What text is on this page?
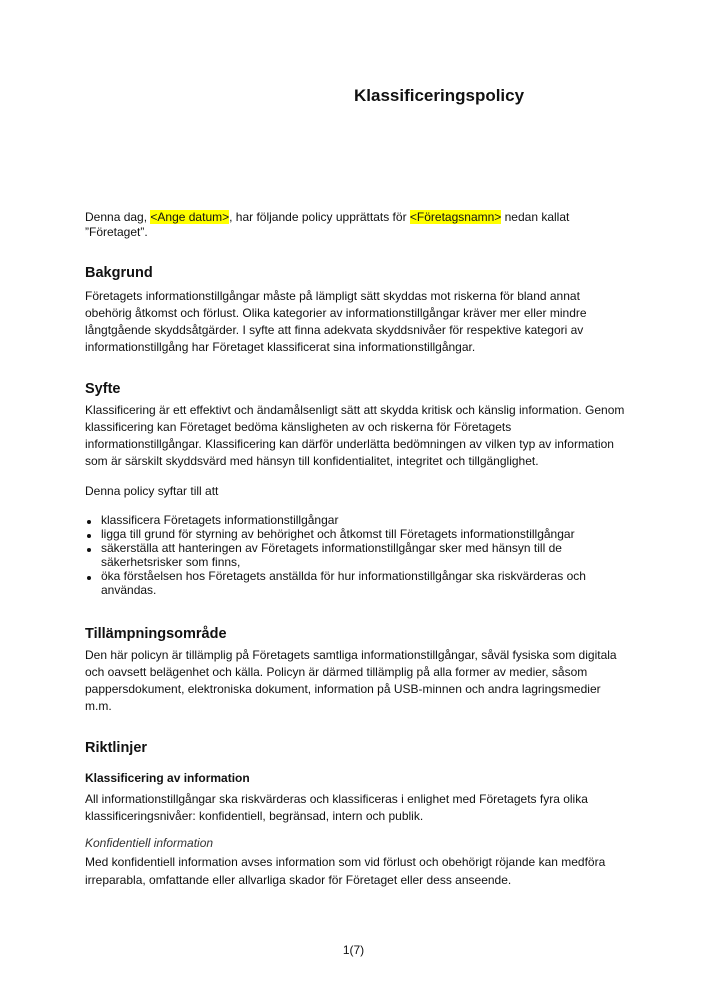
Klassificeringspolicy
Denna dag, <Ange datum>, har följande policy upprättats för <Företagsnamn> nedan kallat
”Företaget”.
Bakgrund
Företagets informationstillgångar måste på lämpligt sätt skyddas mot riskerna för bland annat
obehörig åtkomst och förlust. Olika kategorier av informationstillgångar kräver mer eller mindre
långtgående skyddsåtgärder. I syfte att finna adekvata skyddsnivåer för respektive kategori av
informationstillgång har Företaget klassificerat sina informationstillgångar.
Syfte
Klassificering är ett effektivt och ändamålsenligt sätt att skydda kritisk och känslig information. Genom
klassificering kan Företaget bedöma känsligheten av och riskerna för Företagets
informationstillgångar. Klassificering kan därför underlätta bedömningen av vilken typ av information
som är särskilt skyddsvärd med hänsyn till konfidentialitet, integritet och tillgänglighet.
Denna policy syftar till att
klassificera Företagets informationstillgångar
ligga till grund för styrning av behörighet och åtkomst till Företagets informationstillgångar
säkerställa att hanteringen av Företagets informationstillgångar sker med hänsyn till de
säkerhetsrisker som finns,
öka förståelsen hos Företagets anställda för hur informationstillgångar ska riskvärderas och
användas.
Tillämpningsområde
Den här policyn är tillämplig på Företagets samtliga informationstillgångar, såväl fysiska som digitala
och oavsett belägenhet och källa. Policyn är därmed tillämplig på alla former av medier, såsom
pappersdokument, elektroniska dokument, information på USB-minnen och andra lagringsmedier
m.m.
Riktlinjer
Klassificering av information
All informationstillgångar ska riskvärderas och klassificeras i enlighet med Företagets fyra olika
klassificeringsnivåer: konfidentiell, begränsad, intern och publik.
Konfidentiell information
Med konfidentiell information avses information som vid förlust och obehörigt röjande kan medföra
irreparabla, omfattande eller allvarliga skador för Företaget eller dess anseende.
1(7)
